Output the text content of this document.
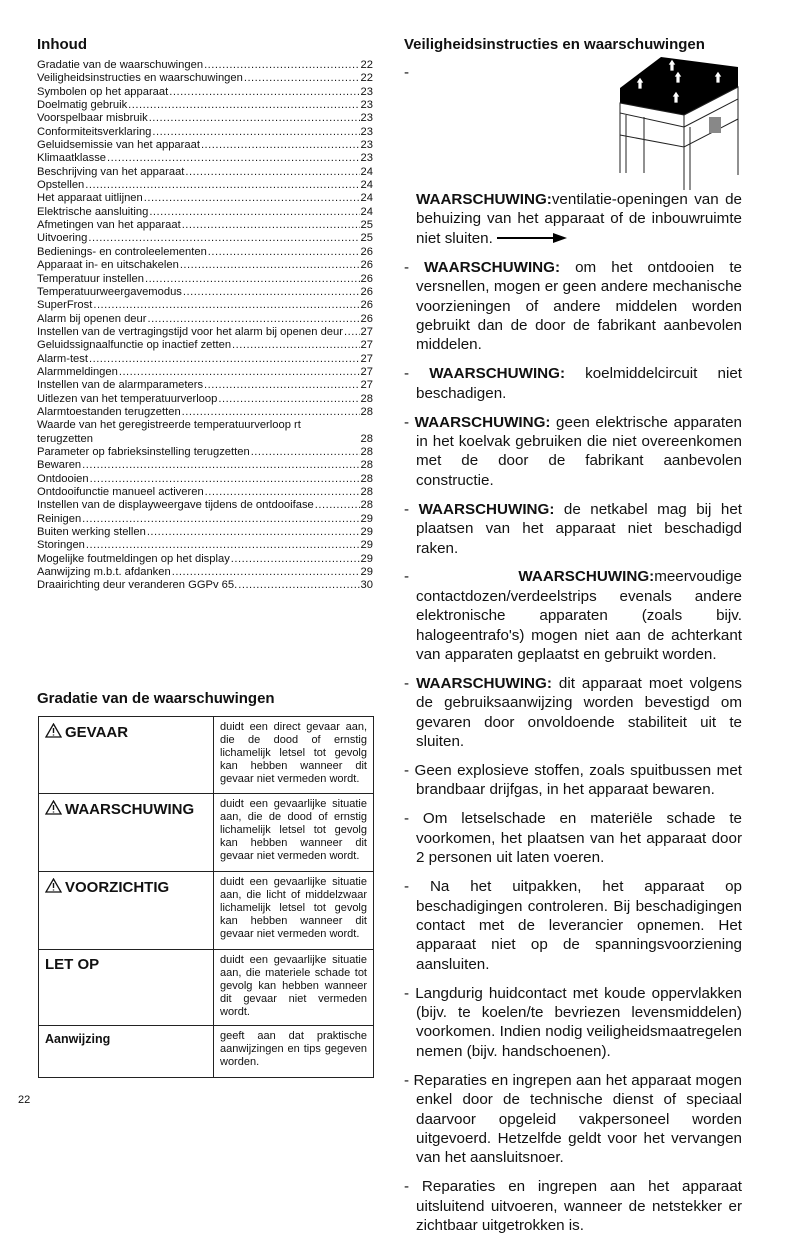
Inhoud
Gradatie van de waarschuwingen .....	22
Veiligheidsinstructies en waarschuwingen .....	22
Symbolen op het apparaat .....	23
Doelmatig gebruik .....	23
Voorspelbaar misbruik .....	23
Conformiteitsverklaring .....	23
Geluidsemissie van het apparaat .....	23
Klimaatklasse .....	23
Beschrijving van het apparaat .....	24
Opstellen .....	24
Het apparaat uitlijnen .....	24
Elektrische aansluiting .....	24
Afmetingen van het apparaat .....	25
Uitvoering .....	25
Bedienings- en controleelementen .....	26
Apparaat in- en uitschakelen .....	26
Temperatuur instellen .....	26
Temperatuurweergavemodus .....	26
SuperFrost .....	26
Alarm bij openen deur .....	26
Instellen van de vertragingstijd voor het alarm bij openen deur ..... 27
Geluidssignaalfunctie op inactief zetten .....	27
Alarm-test .....	27
Alarmmeldingen .....	27
Instellen van de alarmparameters .....	27
Uitlezen van het temperatuurverloop .....	28
Alarmtoestanden terugzetten .....	28
Waarde van het geregistreerde temperatuurverloop rt terugzetten	28
Parameter op fabrieksinstelling terugzetten .....	28
Bewaren .....	28
Ontdooien .....	28
Ontdooifunctie manueel activeren .....	28
Instellen van de displayweergave tijdens de ontdooifase .....	28
Reinigen .....	29
Buiten werking stellen .....	29
Storingen .....	29
Mogelijke foutmeldingen op het display .....	29
Aanwijzing m.b.t. afdanken .....	29
Draairichting deur veranderen GGPv 65. .....	30
Gradatie van de waarschuwingen
GEVAAR	duidt een direct gevaar aan, die de dood of ernstig lichamelijk letsel tot gevolg kan hebben wanneer dit gevaar niet vermeden wordt.
WAARSCHUWING	duidt een gevaarlijke situatie aan, die de dood of ernstig lichamelijk letsel tot gevolg kan hebben wanneer dit gevaar niet vermeden wordt.
VOORZICHTIG	duidt een gevaarlijke situatie aan, die licht of middelzwaar lichamelijk letsel tot gevolg kan hebben wanneer dit gevaar niet vermeden wordt.
LET OP	duidt een gevaarlijke situatie aan, die materiele schade tot gevolg kan hebben wanneer dit gevaar niet vermeden wordt.
Aanwijzing	geeft aan dat praktische aanwijzingen en tips gegeven worden.
Veiligheidsinstructies en waarschuwingen
- WAARSCHUWING:ventilatie-openingen van de behuizing van het apparaat of de inbouwruimte niet sluiten.
- WAARSCHUWING: om het ontdooien te versnellen, mogen er geen andere mechanische voorzieningen of andere middelen worden gebruikt dan de door de fabrikant aanbevolen middelen.
- WAARSCHUWING: koelmiddelcircuit niet beschadigen.
- WAARSCHUWING: geen elektrische apparaten in het koelvak gebruiken die niet overeenkomen met de door de fabrikant aanbevolen constructie.
- WAARSCHUWING: de netkabel mag bij het plaatsen van het apparaat niet beschadigd raken.
- WAARSCHUWING:meervoudige contactdozen/verdeelstrips evenals andere elektronische apparaten (zoals bijv. halogeentrafo's) mogen niet aan de achterkant van apparaten geplaatst en gebruikt worden.
- WAARSCHUWING: dit apparaat moet volgens de gebruiksaanwijzing worden bevestigd om gevaren door onvoldoende stabiliteit uit te sluiten.
- Geen explosieve stoffen, zoals spuitbussen met brandbaar drijfgas, in het apparaat bewaren.
- Om letselschade en materiële schade te voorkomen, het plaatsen van het apparaat door 2 personen uit laten voeren.
- Na het uitpakken, het apparaat op beschadigingen controleren. Bij beschadigingen contact met de leverancier opnemen. Het apparaat niet op de spanningsvoorziening aansluiten.
- Langdurig huidcontact met koude oppervlakken (bijv. te koelen/te bevriezen levensmiddelen) voorkomen. Indien nodig veiligheidsmaatregelen nemen (bijv. handschoenen).
- Reparaties en ingrepen aan het apparaat mogen enkel door de technische dienst of speciaal daarvoor opgeleid vakpersoneel worden uitgevoerd. Hetzelfde geldt voor het vervangen van het aansluitsnoer.
- Reparaties en ingrepen aan het apparaat uitsluitend uitvoeren, wanneer de netstekker er zichtbaar uitgetrokken is.
22
